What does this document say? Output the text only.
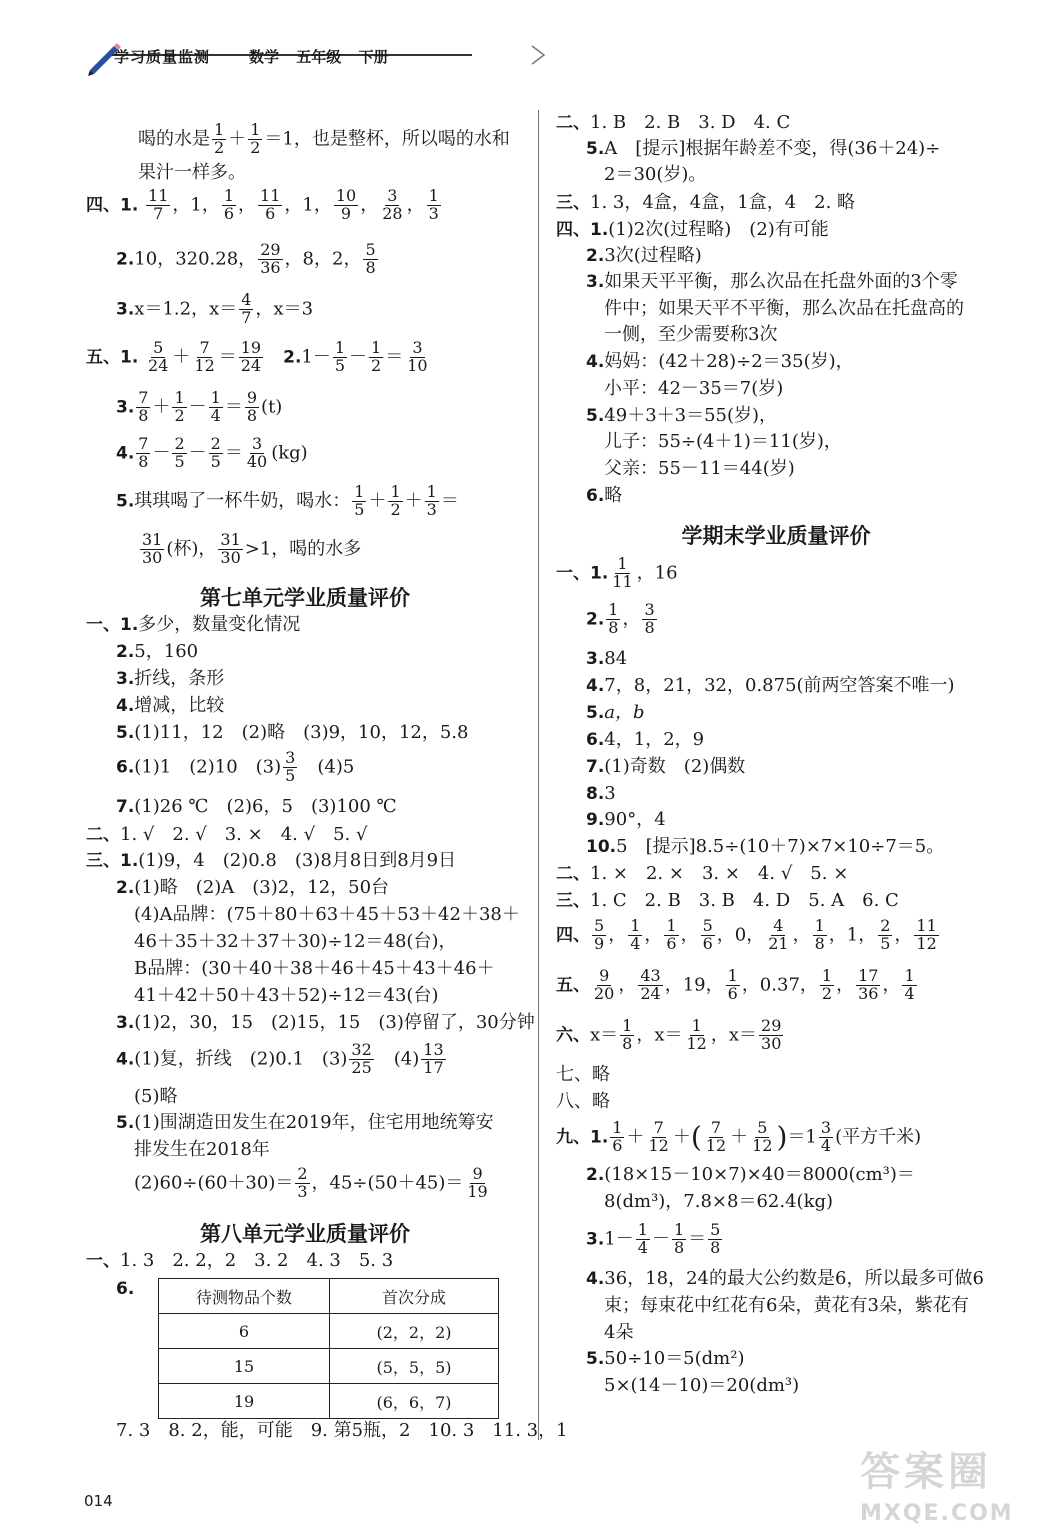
学习质量监测	数学 五年级 下册
喝的水是 $\frac{1}{2} + \frac{1}{2} =1$，也是整杯，所以喝的水和
果汁一样多。
四、1. $\frac{11}{7}$ ，1， $\frac{1}{6}$ ， $\frac{11}{6}$ ，1， $\frac{10}{9}$ ， $\frac{3}{28}$ ， $\frac{1}{3}$
2.10，320.28， $\frac{29}{36}$ ，8，2， $\frac{5}{8}$
3.x＝1.2，$x= \frac{4}{7}$ ，x＝3
五、1. $\frac{5}{24} + \frac{7}{12} = \frac{19}{24}$
　 $2.1- \frac{1}{5} - \frac{1}{2} = \frac{3}{10}$
3. $\frac{7}{8} + \frac{1}{2} - \frac{1}{4} = \frac{9}{8} (t)$
4. $\frac{7}{8} - \frac{2}{5} - \frac{2}{5} = \frac{3}{40} (kg)$
5.琪琪喝了一杯牛奶，喝水： $\frac{1}{5} + \frac{1}{2} + \frac{1}{3}$ ＝
$\frac{31}{30}$ (杯)， $\frac{31}{30} >1$，喝的水多
第七单元学业质量评价
一、1.多少，数量变化情况
2.5，160
3.折线，条形
4.增减，比较
5.(1)11，12　(2)略　(3)9，10，12，5.8
6.(1)1　(2)10　$(3) \frac{3}{5}$ 　(4)5
7.(1)26 ℃　(2)6，5　(3)100 ℃
二、1. √　2. √　3. ×　4. √　5. √
三、1.(1)9，4　(2)0.8　(3)8月8日到8月9日
2.(1)略　(2)A　(3)2，12，50台
(4)A品牌：(75＋80＋63＋45＋53＋42＋38＋
46＋35＋32＋37＋30)÷12＝48(台)，
B品牌：(30＋40＋38＋46＋45＋43＋46＋
41＋42＋50＋43＋52)÷12＝43(台)
3.(1)2，30，15　(2)15，15　(3)停留了，30分钟
4.(1)复，折线　(2)0.1　$(3) \frac{32}{25}$ 　$(4) \frac{13}{17}$
(5)略
5.(1)围湖造田发生在2019年，住宅用地统筹安
排发生在2018年
$(2)60\div(60+30)= \frac{2}{3}$ ，$45\div(50+45)= \frac{9}{19}$
第八单元学业质量评价
一、1. 3　2. 2，2　3. 2　4. 3　5. 3
6.	待测物品个数	首次分成
6	(2，2，2)
15	(5，5，5)
19	(6，6，7)
7. 3　8. 2，能，可能　9. 第5瓶，2　10. 3　11. 3，1
二、1. B　2. B　3. D　4. C
5.A　[提示]根据年龄差不变，得(36＋24)÷
2＝30(岁)。
三、1. 3，4盒，4盒，1盒，4　2. 略
四、1.(1)2次(过程略)　(2)有可能
2.3次(过程略)
3.如果天平平衡，那么次品在托盘外面的3个零
件中；如果天平不平衡，那么次品在托盘高的
一侧，至少需要称3次
4.妈妈：(42＋28)÷2＝35(岁)，
小平：42－35＝7(岁)
5.49＋3＋3＝55(岁)，
儿子：55÷(4＋1)＝11(岁)，
父亲：55－11＝44(岁)
6.略
学期末学业质量评价
一、1. $\frac{1}{11}$ ，16
2. $\frac{1}{8}$ ， $\frac{3}{8}$
3.84
4.7，8，21，32，0.875(前两空答案不唯一)
5.a，b
6.4，1，2，9
7.(1)奇数　(2)偶数
8.3
9.90°，4
10.5　[提示]8.5÷(10＋7)×7×10÷7＝5。
二、1. ×　2. ×　3. ×　4. √　5. ×
三、1. C　2. B　3. B　4. D　5. A　6. C
四、 $\frac{5}{9}$ ， $\frac{1}{4}$ ， $\frac{1}{6}$ ， $\frac{5}{6}$ ，0， $\frac{4}{21}$ ， $\frac{1}{8}$ ，1， $\frac{2}{5}$ ， $\frac{11}{12}$
五、 $\frac{9}{20}$ ， $\frac{43}{24}$ ，19， $\frac{1}{6}$ ，0.37， $\frac{1}{2}$ ， $\frac{17}{36}$ ， $\frac{1}{4}$
六、$x= \frac{1}{8}$ ，$x= \frac{1}{12}$ ，$x= \frac{29}{30}$
七、略
八、略
九、1. $\frac{1}{6} + \frac{7}{12}$ ＋( $\frac{7}{12} + \frac{5}{12} )=1 \frac{3}{4}$ (平方千米)
2.(18×15－10×7)×40＝8000(cm³)＝
8(dm³)，7.8×8＝62.4(kg)
$3.1- \frac{1}{4} - \frac{1}{8} = \frac{5}{8}$
4.36，18，24的最大公约数是6，所以最多可做6
束；每束花中红花有6朵，黄花有3朵，紫花有
4朵
5.50÷10＝5(dm²)
5×(14－10)＝20(dm³)
014
答案圈
MXQE.COM
